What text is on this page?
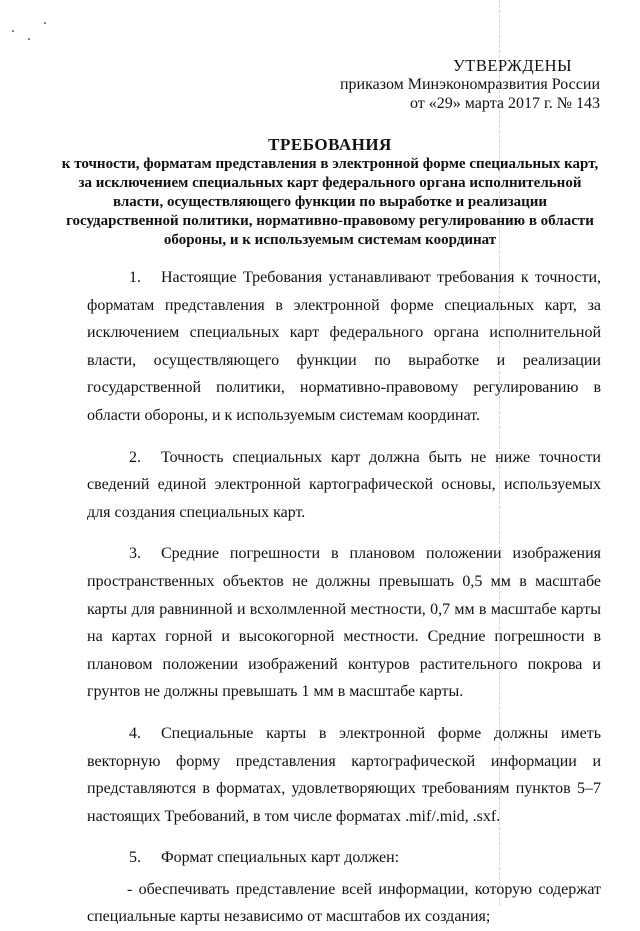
УТВЕРЖДЕНЫ
приказом Минэкономразвития России
от «29» марта 2017 г. № 143
ТРЕБОВАНИЯ
к точности, форматам представления в электронной форме специальных карт, за исключением специальных карт федерального органа исполнительной власти, осуществляющего функции по выработке и реализации государственной политики, нормативно-правовому регулированию в области обороны, и к используемым системам координат

1. Настоящие Требования устанавливают требования к точности, форматам представления в электронной форме специальных карт, за исключением специальных карт федерального органа исполнительной власти, осуществляющего функции по выработке и реализации государственной политики, нормативно-правовому регулированию в области обороны, и к используемым системам координат.

2. Точность специальных карт должна быть не ниже точности сведений единой электронной картографической основы, используемых для создания специальных карт.

3. Средние погрешности в плановом положении изображения пространственных объектов не должны превышать 0,5 мм в масштабе карты для равнинной и всхолмленной местности, 0,7 мм в масштабе карты на картах горной и высокогорной местности. Средние погрешности в плановом положении изображений контуров растительного покрова и грунтов не должны превышать 1 мм в масштабе карты.

4. Специальные карты в электронной форме должны иметь векторную форму представления картографической информации и представляются в форматах, удовлетворяющих требованиям пунктов 5–7 настоящих Требований, в том числе форматах .mif/.mid, .sxf.

5. Формат специальных карт должен:

- обеспечивать представление всей информации, которую содержат специальные карты независимо от масштабов их создания;
